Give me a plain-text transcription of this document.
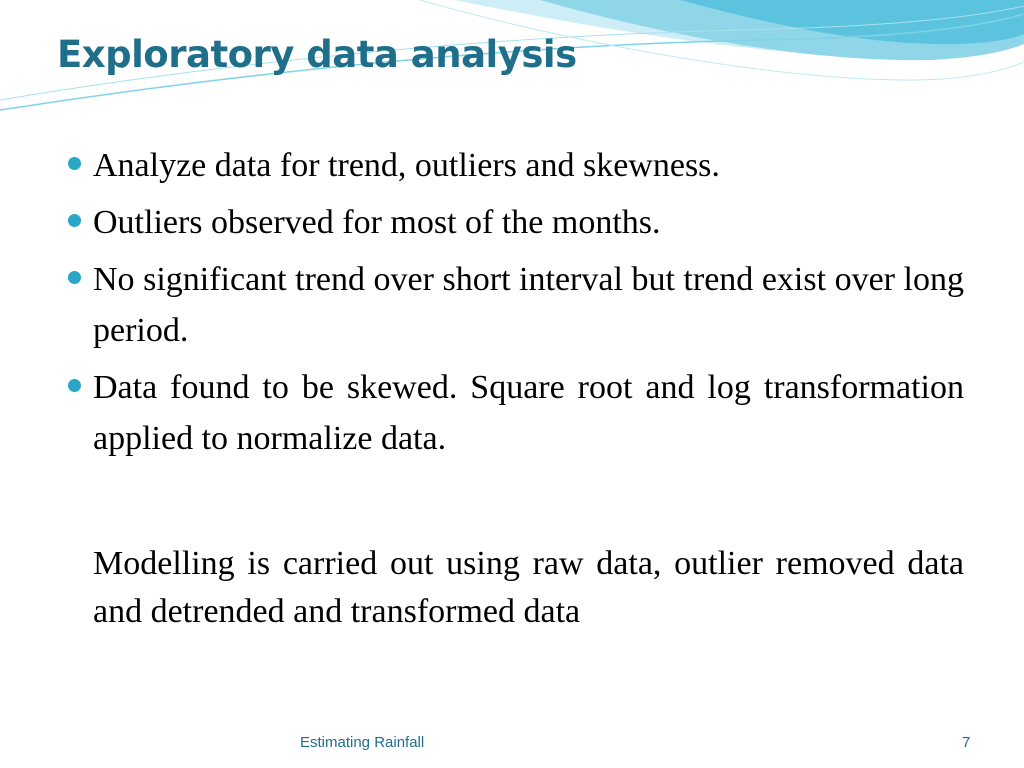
Exploratory data analysis
Analyze data for trend, outliers and skewness.
Outliers observed for most of the months.
No significant trend over short interval but trend exist over long period.
Data found to be skewed. Square root and log transformation applied to normalize data.
Modelling is carried out using raw data, outlier removed data and detrended and transformed data
Estimating Rainfall	7
